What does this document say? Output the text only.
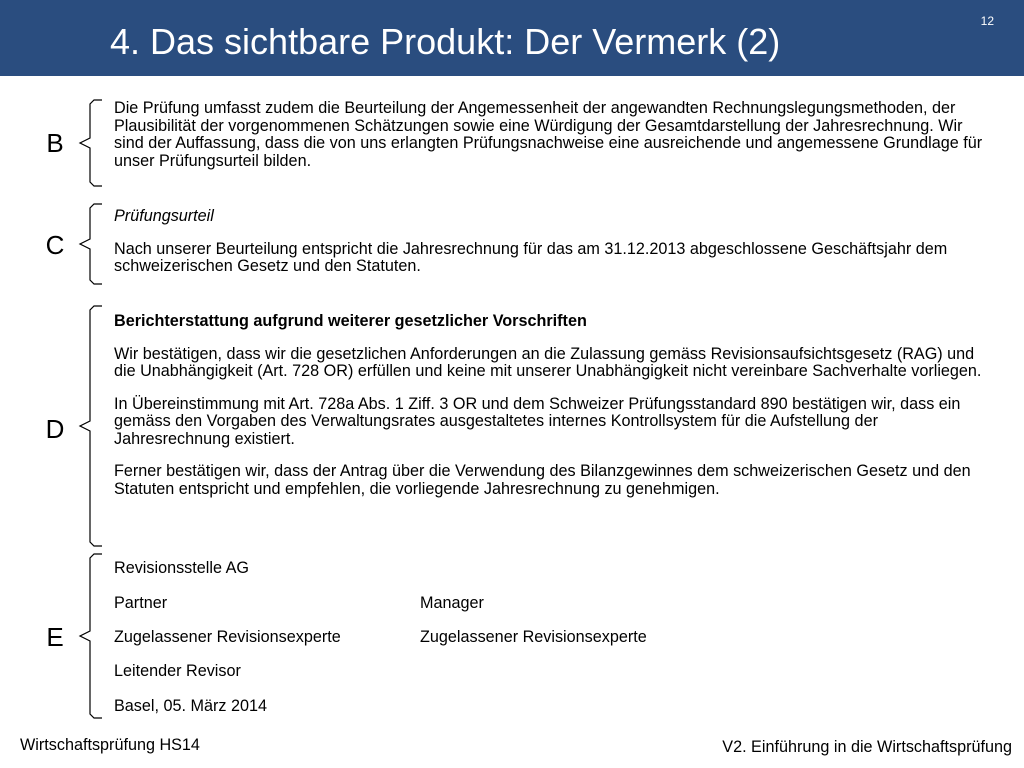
4. Das sichtbare Produkt: Der Vermerk (2)	12
B

Die Prüfung umfasst zudem die Beurteilung der Angemessenheit der angewandten Rechnungslegungsmethoden, der Plausibilität der vorgenommenen Schätzungen sowie eine Würdigung der Gesamtdarstellung der Jahresrechnung. Wir sind der Auffassung, dass die von uns erlangten Prüfungsnachweise eine ausreichende und angemessene Grundlage für unser Prüfungsurteil bilden.

C

Prüfungsurteil

Nach unserer Beurteilung entspricht die Jahresrechnung für das am 31.12.2013 abgeschlossene Geschäftsjahr dem schweizerischen Gesetz und den Statuten.

D

Berichterstattung aufgrund weiterer gesetzlicher Vorschriften

Wir bestätigen, dass wir die gesetzlichen Anforderungen an die Zulassung gemäss Revisionsaufsichtsgesetz (RAG) und die Unabhängigkeit (Art. 728 OR) erfüllen und keine mit unserer Unabhängigkeit nicht vereinbare Sachverhalte vorliegen.

In Übereinstimmung mit Art. 728a Abs. 1 Ziff. 3 OR und dem Schweizer Prüfungsstandard 890 bestätigen wir, dass ein gemäss den Vorgaben des Verwaltungsrates ausgestaltetes internes Kontrollsystem für die Aufstellung der Jahresrechnung existiert.

Ferner bestätigen wir, dass der Antrag über die Verwendung des Bilanzgewinnes dem schweizerischen Gesetz und den Statuten entspricht und empfehlen, die vorliegende Jahresrechnung zu genehmigen.

E
Revisionsstelle AG
Partner	Manager
Zugelassener Revisionsexperte	Zugelassener Revisionsexperte
Leitender Revisor
Basel, 05. März 2014
Wirtschaftsprüfung HS14	V2. Einführung in die Wirtschaftsprüfung
